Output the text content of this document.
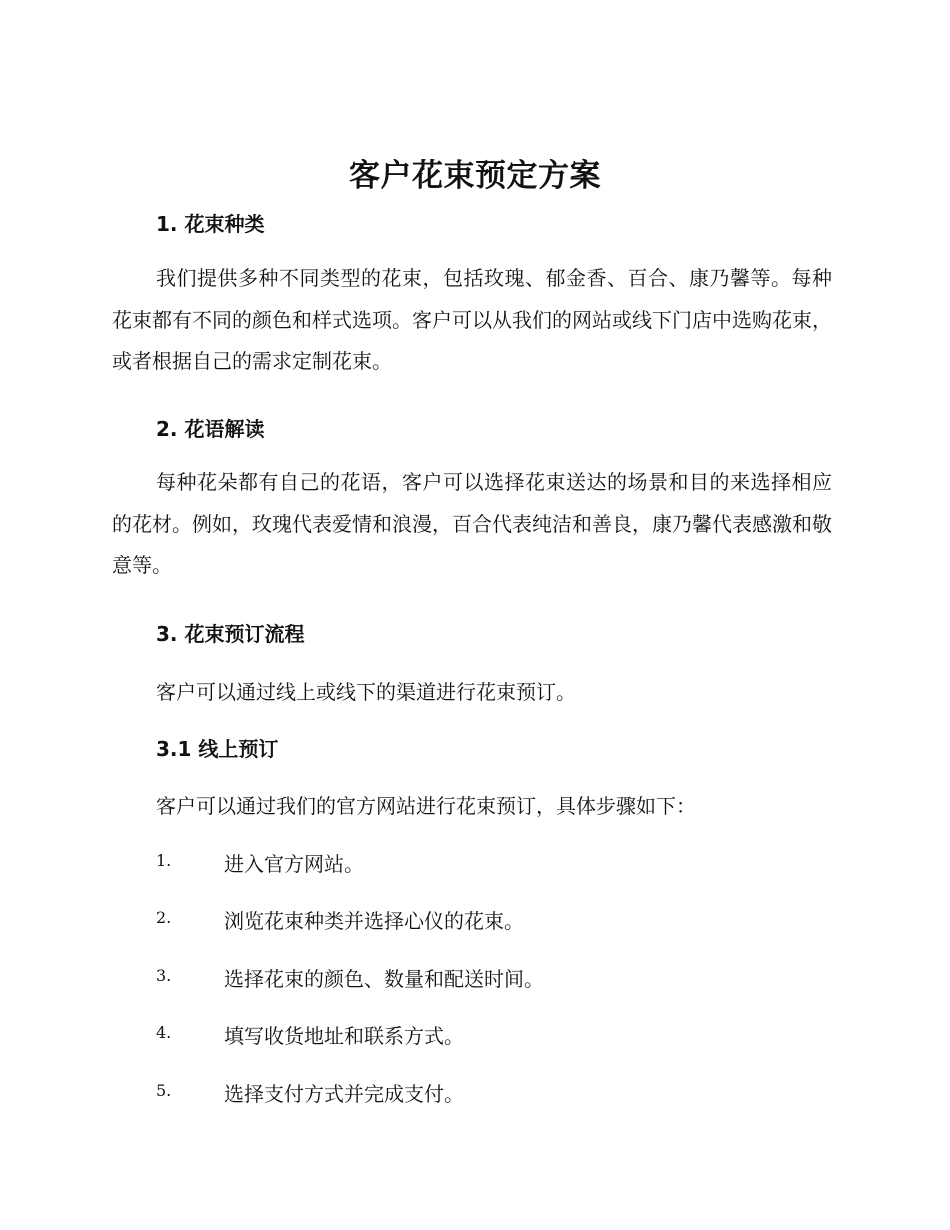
客户花束预定方案
1. 花束种类
我们提供多种不同类型的花束，包括玫瑰、郁金香、百合、康乃馨等。每种花束都有不同的颜色和样式选项。客户可以从我们的网站或线下门店中选购花束，或者根据自己的需求定制花束。
2. 花语解读
每种花朵都有自己的花语，客户可以选择花束送达的场景和目的来选择相应的花材。例如，玫瑰代表爱情和浪漫，百合代表纯洁和善良，康乃馨代表感激和敬意等。
3. 花束预订流程
客户可以通过线上或线下的渠道进行花束预订。
3.1 线上预订
客户可以通过我们的官方网站进行花束预订，具体步骤如下：
1.	进入官方网站。
2.	浏览花束种类并选择心仪的花束。
3.	选择花束的颜色、数量和配送时间。
4.	填写收货地址和联系方式。
5.	选择支付方式并完成支付。
